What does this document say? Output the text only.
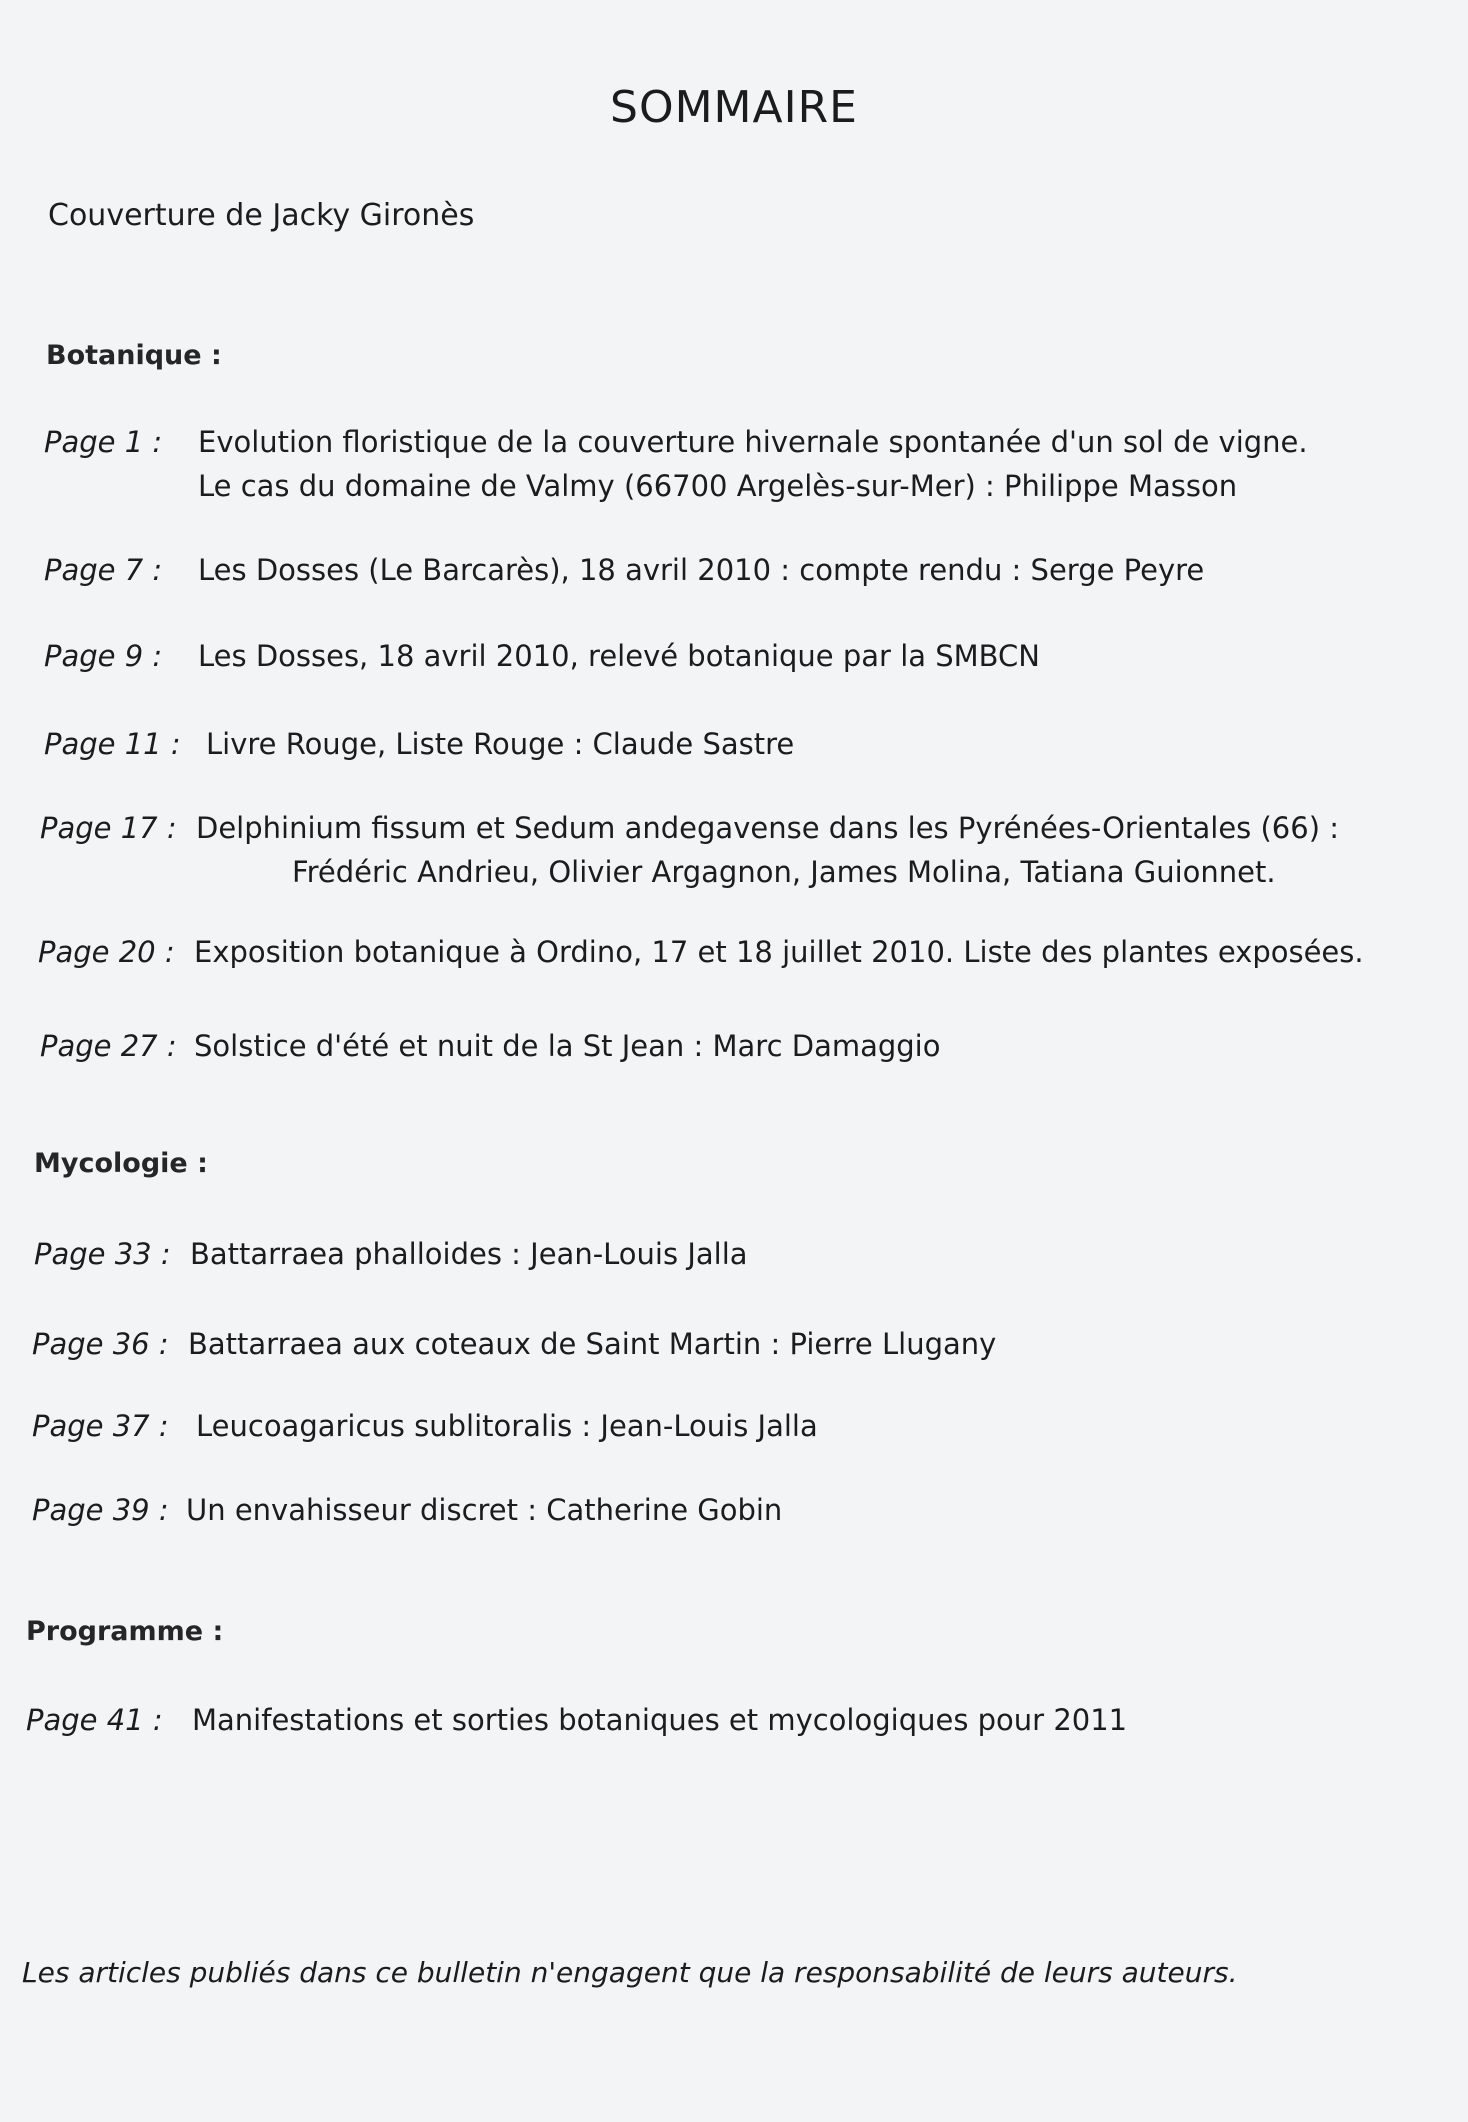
SOMMAIRE
Couverture de Jacky Gironès
Botanique :
Page 1 : Evolution floristique de la couverture hivernale spontanée d'un sol de vigne.
Le cas du domaine de Valmy (66700 Argelès-sur-Mer) : Philippe Masson
Page 7 : Les Dosses (Le Barcarès), 18 avril 2010 : compte rendu : Serge Peyre
Page 9 : Les Dosses, 18 avril 2010, relevé botanique par la SMBCN
Page 11 : Livre Rouge, Liste Rouge : Claude Sastre
Page 17 : Delphinium fissum et Sedum andegavense dans les Pyrénées-Orientales (66) :
Frédéric Andrieu, Olivier Argagnon, James Molina, Tatiana Guionnet.
Page 20 : Exposition botanique à Ordino, 17 et 18 juillet 2010. Liste des plantes exposées.
Page 27 : Solstice d'été et nuit de la St Jean : Marc Damaggio
Mycologie :
Page 33 : Battarraea phalloides : Jean-Louis Jalla
Page 36 : Battarraea aux coteaux de Saint Martin : Pierre Llugany
Page 37 : Leucoagaricus sublitoralis : Jean-Louis Jalla
Page 39 : Un envahisseur discret : Catherine Gobin
Programme :
Page 41 : Manifestations et sorties botaniques et mycologiques pour 2011
Les articles publiés dans ce bulletin n'engagent que la responsabilité de leurs auteurs.
